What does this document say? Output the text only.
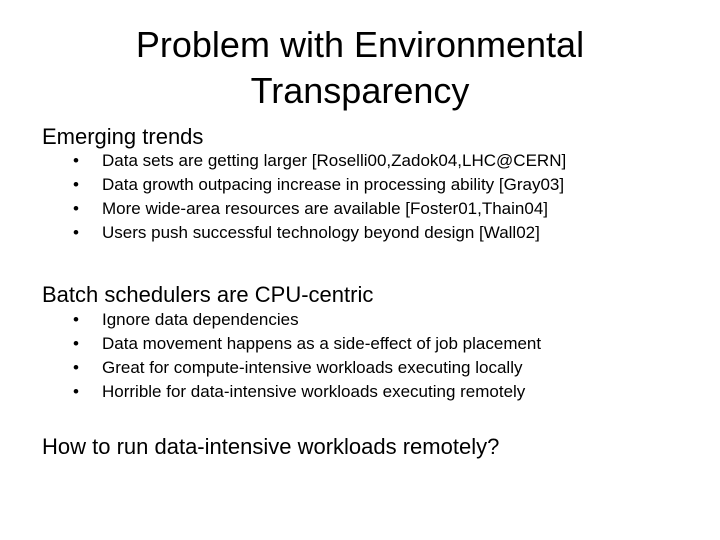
Problem with Environmental
Transparency

Emerging trends

• Data sets are getting larger [Roselli00,Zadok04,LHC@CERN]
• Data growth outpacing increase in processing ability [Gray03]
• More wide-area resources are available [Foster01,Thain04]
• Users push successful technology beyond design [Wall02]

Batch schedulers are CPU-centric

• Ignore data dependencies
• Data movement happens as a side-effect of job placement
• Great for compute-intensive workloads executing locally
• Horrible for data-intensive workloads executing remotely

How to run data-intensive workloads remotely?
